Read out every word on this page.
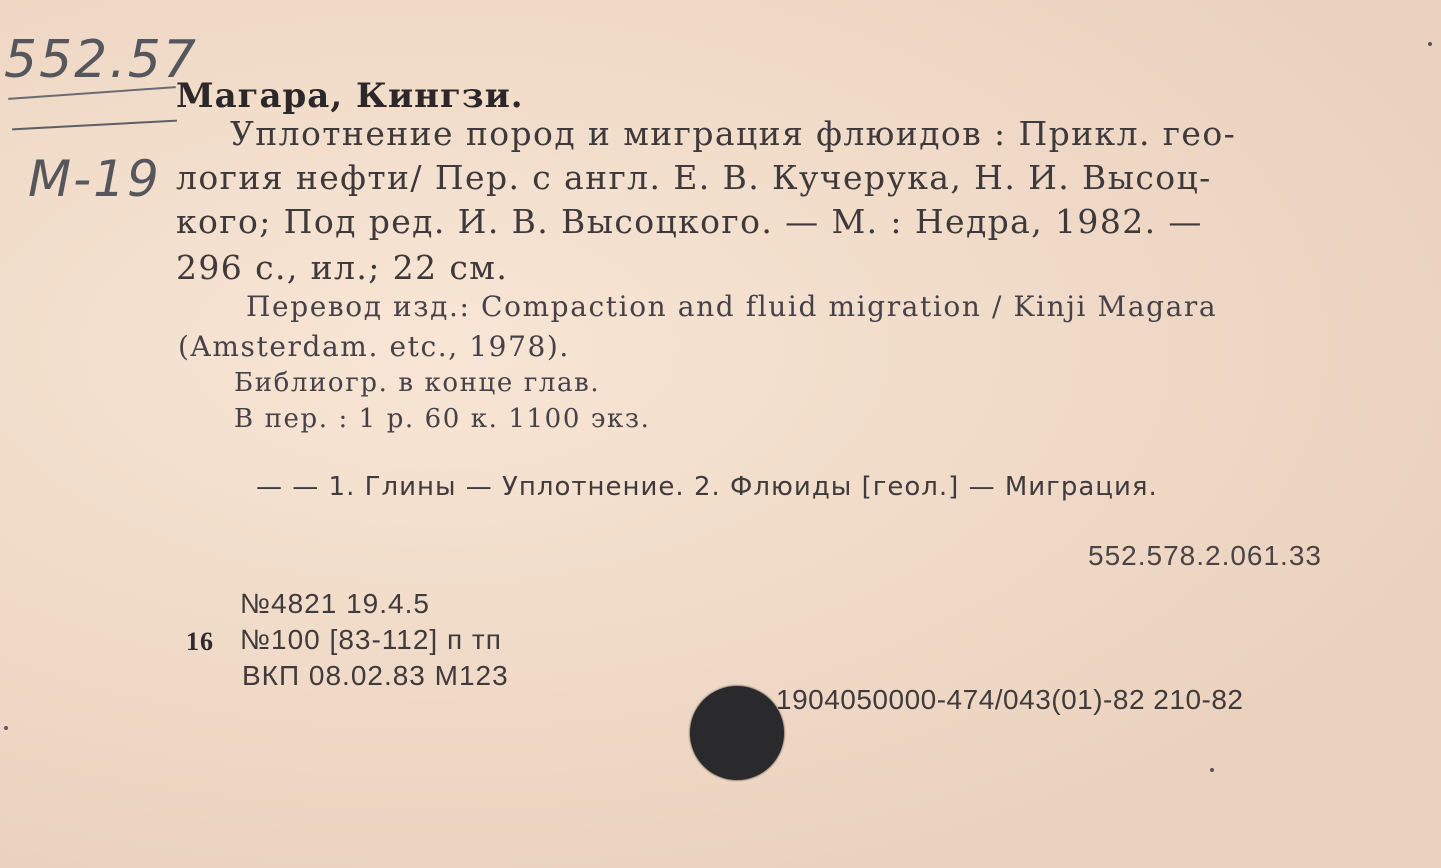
552.57
M-19
Магара, Кингзи.
Уплотнение пород и миграция флюидов : Прикл. гео-
логия нефти/ Пер. с англ. Е. В. Кучерука, Н. И. Высоц-
кого; Под ред. И. В. Высоцкого. — М. : Недра, 1982. —
296 с., ил.; 22 см.
Перевод изд.: Compaction and fluid migration / Kinji Magara
(Amsterdam. etc., 1978).
Библиогр. в конце глав.
В пер. : 1 р. 60 к. 1100 экз.
— — 1. Глины — Уплотнение. 2. Флюиды [геол.] — Миграция.
552.578.2.061.33
№4821 19.4.5
16 №100 [83-112] п тп
ВКП 08.02.83 М123
1904050000-474/043(01)-82 210-82
